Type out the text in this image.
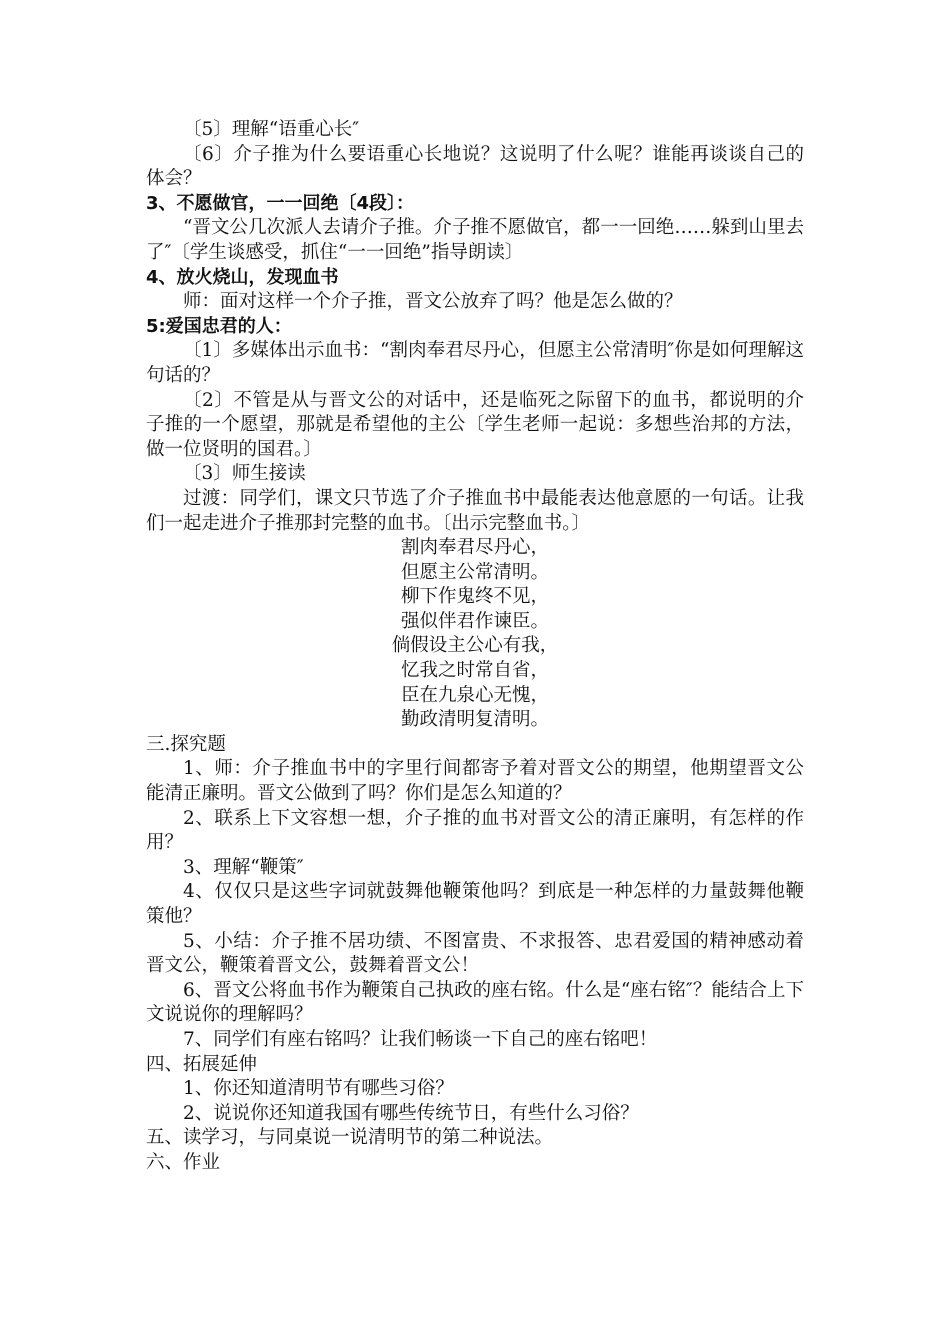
〔5〕理解“语重心长″

〔6〕介子推为什么要语重心长地说？这说明了什么呢？谁能再谈谈自己的体会？

3、不愿做官，一一回绝〔4段〕：

“晋文公几次派人去请介子推。介子推不愿做官，都一一回绝……躲到山里去了″〔学生谈感受，抓住“一一回绝”指导朗读〕

4、放火烧山，发现血书

师：面对这样一个介子推，晋文公放弃了吗？他是怎么做的？

5:爱国忠君的人：

〔1〕多媒体出示血书：“割肉奉君尽丹心，但愿主公常清明″你是如何理解这句话的？

〔2〕不管是从与晋文公的对话中，还是临死之际留下的血书，都说明的介子推的一个愿望，那就是希望他的主公〔学生老师一起说：多想些治邦的方法，做一位贤明的国君。〕

〔3〕师生接读

过渡：同学们，课文只节选了介子推血书中最能表达他意愿的一句话。让我们一起走进介子推那封完整的血书。〔出示完整血书。〕

割肉奉君尽丹心，
但愿主公常清明。
柳下作鬼终不见，
强似伴君作谏臣。
倘假设主公心有我，
忆我之时常自省，
臣在九泉心无愧，
勤政清明复清明。

三.探究题

1、师：介子推血书中的字里行间都寄予着对晋文公的期望，他期望晋文公能清正廉明。晋文公做到了吗？你们是怎么知道的？

2、联系上下文容想一想，介子推的血书对晋文公的清正廉明，有怎样的作用？

3、理解“鞭策″

4、仅仅只是这些字词就鼓舞他鞭策他吗？到底是一种怎样的力量鼓舞他鞭策他？

5、小结：介子推不居功绩、不图富贵、不求报答、忠君爱国的精神感动着晋文公，鞭策着晋文公，鼓舞着晋文公！

6、晋文公将血书作为鞭策自己执政的座右铭。什么是“座右铭″？能结合上下文说说你的理解吗？

7、同学们有座右铭吗？让我们畅谈一下自己的座右铭吧！

四、拓展延伸

1、你还知道清明节有哪些习俗？

2、说说你还知道我国有哪些传统节日，有些什么习俗？

五、读学习，与同桌说一说清明节的第二种说法。

六、作业
